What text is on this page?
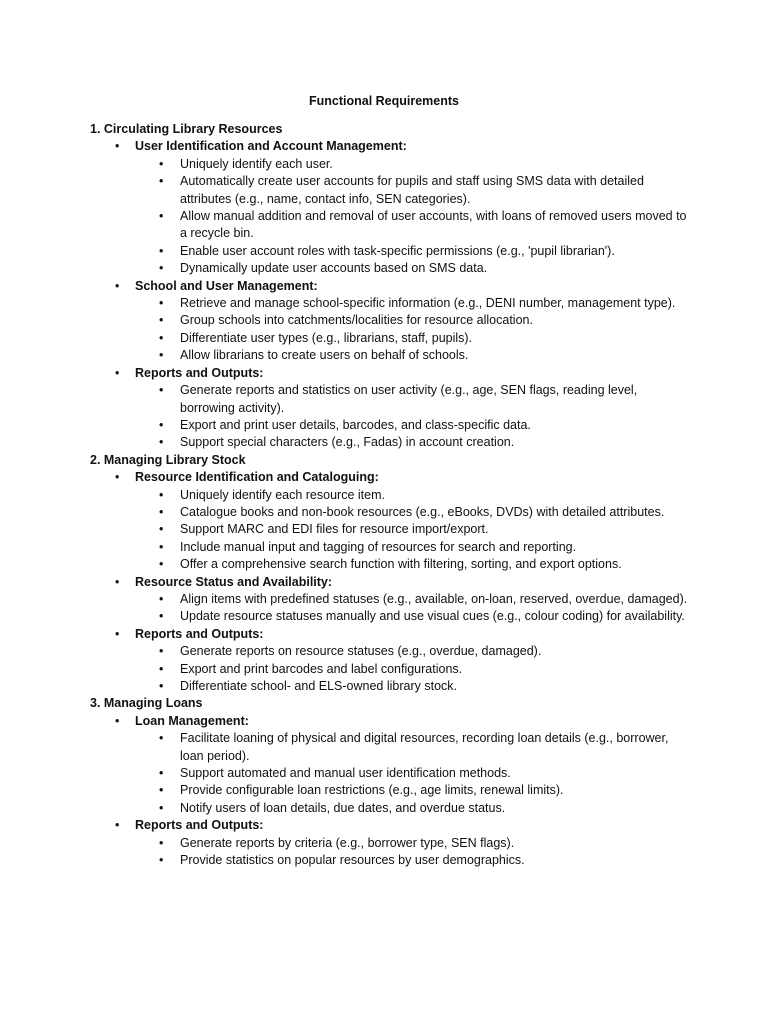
Functional Requirements
1. Circulating Library Resources
• User Identification and Account Management:
• Uniquely identify each user.
• Automatically create user accounts for pupils and staff using SMS data with detailed attributes (e.g., name, contact info, SEN categories).
• Allow manual addition and removal of user accounts, with loans of removed users moved to a recycle bin.
• Enable user account roles with task-specific permissions (e.g., 'pupil librarian').
• Dynamically update user accounts based on SMS data.
• School and User Management:
• Retrieve and manage school-specific information (e.g., DENI number, management type).
• Group schools into catchments/localities for resource allocation.
• Differentiate user types (e.g., librarians, staff, pupils).
• Allow librarians to create users on behalf of schools.
• Reports and Outputs:
• Generate reports and statistics on user activity (e.g., age, SEN flags, reading level, borrowing activity).
• Export and print user details, barcodes, and class-specific data.
• Support special characters (e.g., Fadas) in account creation.
2. Managing Library Stock
• Resource Identification and Cataloguing:
• Uniquely identify each resource item.
• Catalogue books and non-book resources (e.g., eBooks, DVDs) with detailed attributes.
• Support MARC and EDI files for resource import/export.
• Include manual input and tagging of resources for search and reporting.
• Offer a comprehensive search function with filtering, sorting, and export options.
• Resource Status and Availability:
• Align items with predefined statuses (e.g., available, on-loan, reserved, overdue, damaged).
• Update resource statuses manually and use visual cues (e.g., colour coding) for availability.
• Reports and Outputs:
• Generate reports on resource statuses (e.g., overdue, damaged).
• Export and print barcodes and label configurations.
• Differentiate school- and ELS-owned library stock.
3. Managing Loans
• Loan Management:
• Facilitate loaning of physical and digital resources, recording loan details (e.g., borrower, loan period).
• Support automated and manual user identification methods.
• Provide configurable loan restrictions (e.g., age limits, renewal limits).
• Notify users of loan details, due dates, and overdue status.
• Reports and Outputs:
• Generate reports by criteria (e.g., borrower type, SEN flags).
• Provide statistics on popular resources by user demographics.
